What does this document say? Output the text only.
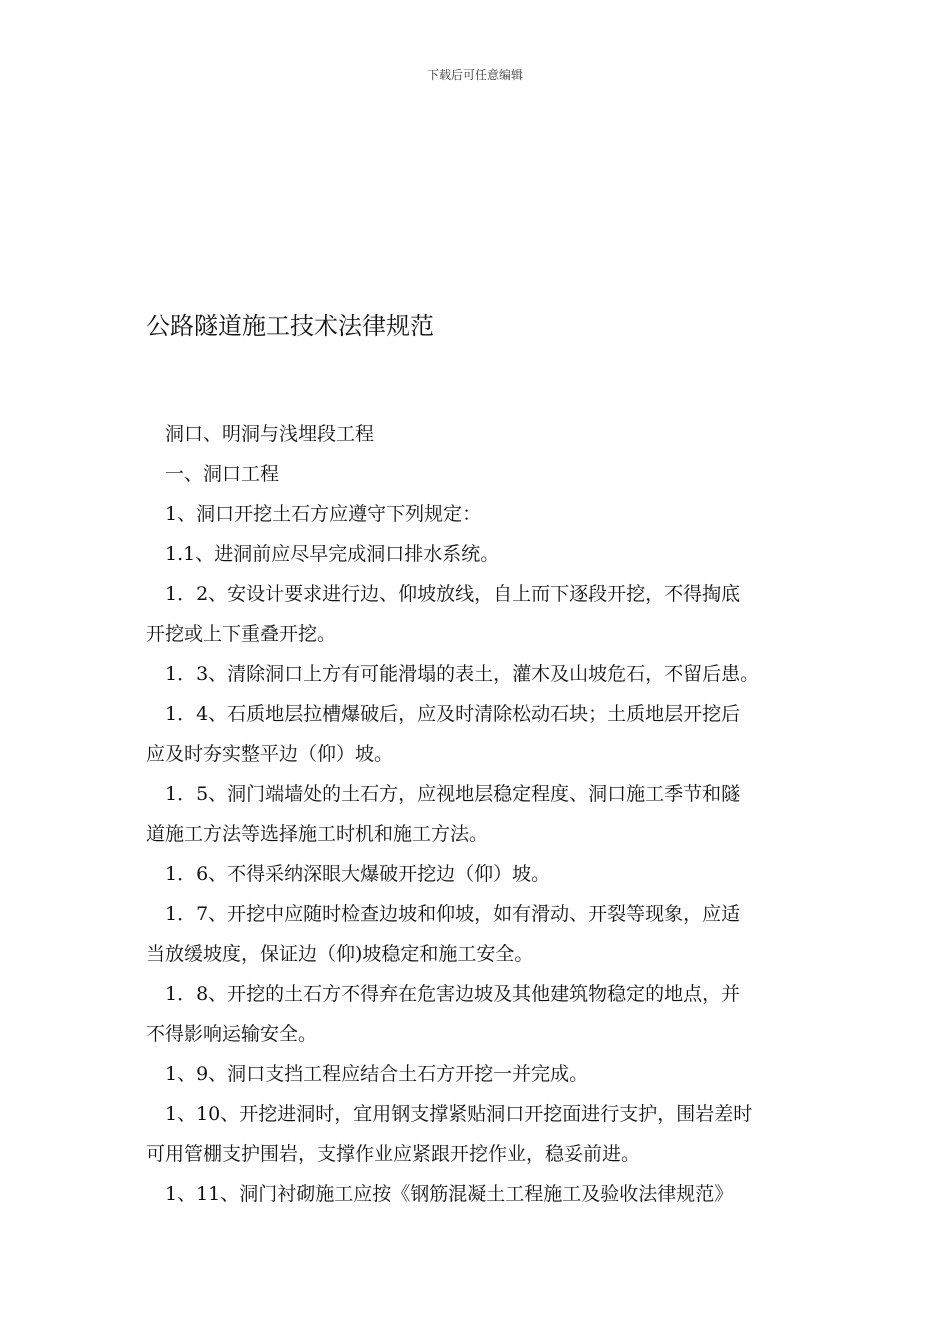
下载后可任意编辑
公路隧道施工技术法律规范

洞口、明洞与浅埋段工程

一、洞口工程

1、洞口开挖土石方应遵守下列规定：

1.1、进洞前应尽早完成洞口排水系统。

1．2、安设计要求进行边、仰坡放线，自上而下逐段开挖，不得掏底

开挖或上下重叠开挖。

1．3、清除洞口上方有可能滑塌的表土，灌木及山坡危石，不留后患。

1．4、石质地层拉槽爆破后，应及时清除松动石块；土质地层开挖后

应及时夯实整平边（仰）坡。

1．5、洞门端墙处的土石方，应视地层稳定程度、洞口施工季节和隧

道施工方法等选择施工时机和施工方法。

1．6、不得采纳深眼大爆破开挖边（仰）坡。

1．7、开挖中应随时检查边坡和仰坡，如有滑动、开裂等现象，应适

当放缓坡度，保证边（仰)坡稳定和施工安全。

1．8、开挖的土石方不得弃在危害边坡及其他建筑物稳定的地点，并

不得影响运输安全。

1、9、洞口支挡工程应结合土石方开挖一并完成。

1、10、开挖进洞时，宜用钢支撑紧贴洞口开挖面进行支护，围岩差时

可用管棚支护围岩，支撑作业应紧跟开挖作业，稳妥前进。

1、11、洞门衬砌施工应按《钢筋混凝土工程施工及验收法律规范》
